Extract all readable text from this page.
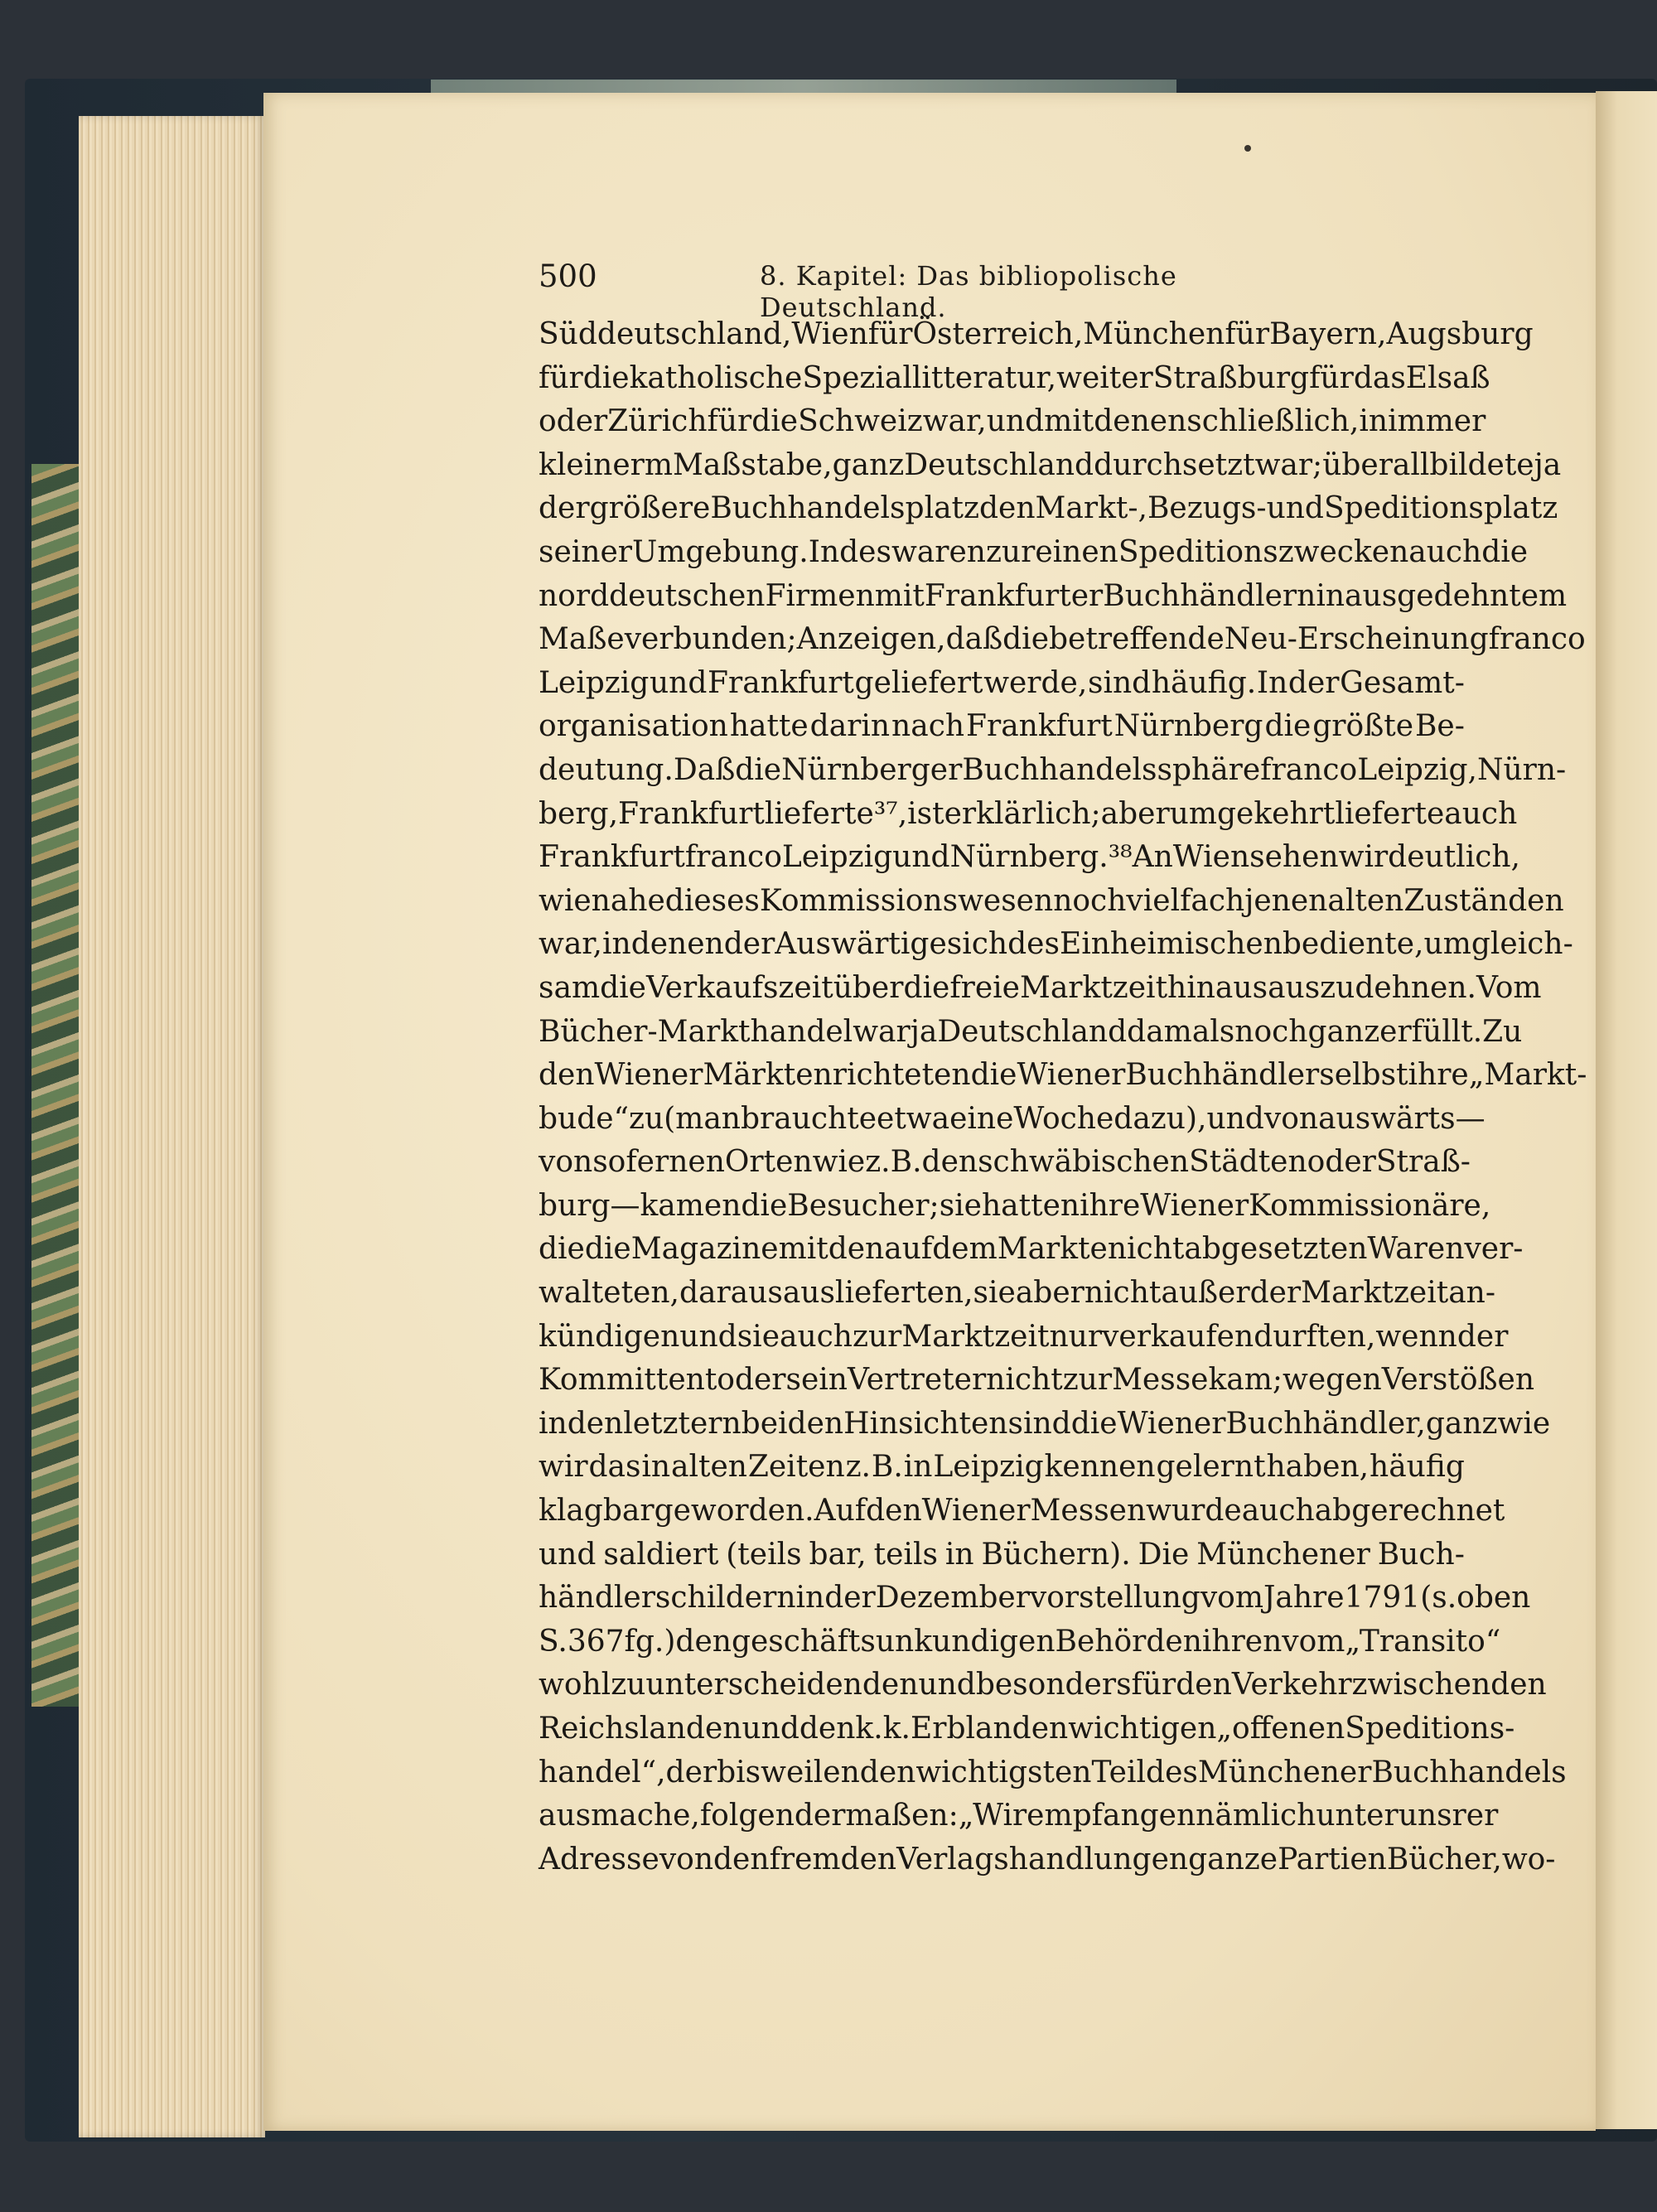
500	8. Kapitel: Das bibliopolische Deutschland.
Süddeutschland, Wien für Österreich, München für Bayern, Augsburg
für die katholische Speziallitteratur, weiter Straßburg für das Elsaß
oder Zürich für die Schweiz war, und mit denen schließlich, in immer
kleinerm Maßstabe, ganz Deutschland durchsetzt war; überall bildete ja
der größere Buchhandelsplatz den Markt-, Bezugs- und Speditionsplatz
seiner Umgebung. Indes waren zu reinen Speditionszwecken auch die
norddeutschen Firmen mit Frankfurter Buchhändlern in ausgedehntem
Maße verbunden; Anzeigen, daß die betreffende Neu-Erscheinung franco
Leipzig und Frankfurt geliefert werde, sind häufig. In der Gesamt-
organisation hatte darin nach Frankfurt Nürnberg die größte Be-
deutung. Daß die Nürnberger Buchhandelssphäre franco Leipzig, Nürn-
berg, Frankfurt lieferte³⁷, ist erklärlich; aber umgekehrt lieferte auch
Frankfurt franco Leipzig und Nürnberg.³⁸ An Wien sehen wir deutlich,
wie nahe dieses Kommissionswesen noch vielfach jenen alten Zuständen
war, in denen der Auswärtige sich des Einheimischen bediente, um gleich-
sam die Verkaufszeit über die freie Marktzeit hinaus auszudehnen. Vom
Bücher-Markthandel war ja Deutschland damals noch ganz erfüllt. Zu
den Wiener Märkten richteten die Wiener Buchhändler selbst ihre „Markt-
bude“ zu (man brauchte etwa eine Woche dazu), und von auswärts —
von so fernen Orten wie z. B. den schwäbischen Städten oder Straß-
burg — kamen die Besucher; sie hatten ihre Wiener Kommissionäre,
die die Magazine mit den auf dem Markte nicht abgesetzten Waren ver-
walteten, daraus auslieferten, sie aber nicht außer der Marktzeit an-
kündigen und sie auch zur Marktzeit nur verkaufen durften, wenn der
Kommittent oder sein Vertreter nicht zur Messe kam; wegen Verstößen
in den letztern beiden Hinsichten sind die Wiener Buchhändler, ganz wie
wir das in alten Zeiten z. B. in Leipzig kennen gelernt haben, häufig
klagbar geworden. Auf den Wiener Messen wurde auch abgerechnet
und saldiert (teils bar, teils in Büchern). Die Münchener Buch-
händler schildern in der Dezembervorstellung vom Jahre 1791 (s. oben
S. 367 fg.) den geschäftsunkundigen Behörden ihren vom „Transito“
wohl zu unterscheidenden und besonders für den Verkehr zwischen den
Reichslanden und den k. k. Erblanden wichtigen „offenen Speditions-
handel“, der bisweilen den wichtigsten Teil des Münchener Buchhandels
ausmache, folgendermaßen: „Wir empfangen nämlich unter unsrer
Adresse von den fremden Verlagshandlungen ganze Partien Bücher, wo-
